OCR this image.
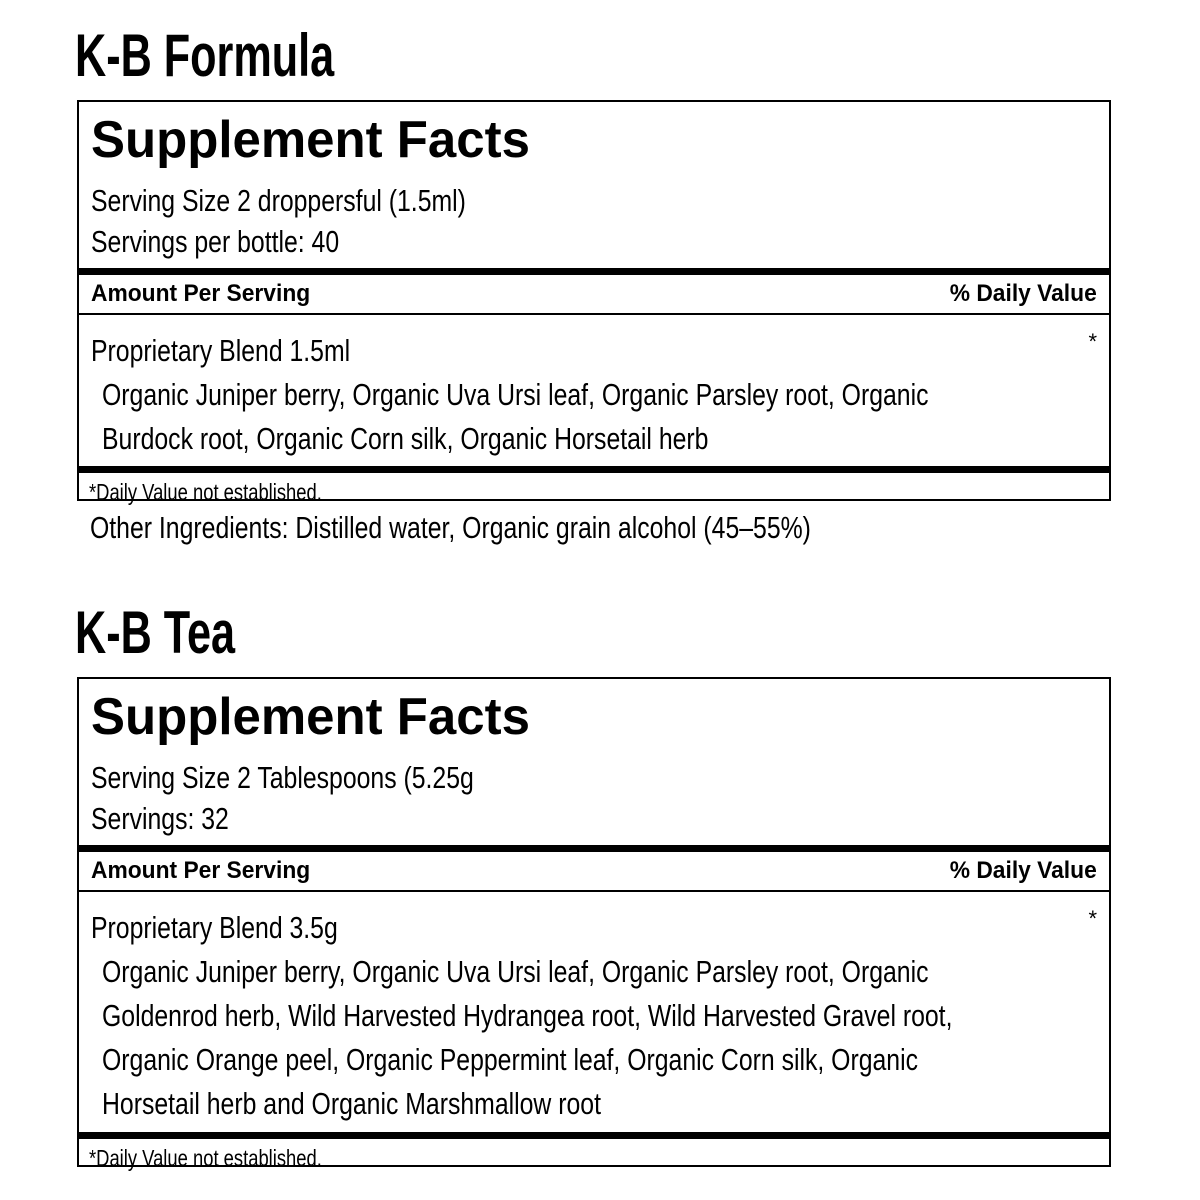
K-B Formula
Supplement Facts
Serving Size 2 droppersful (1.5ml)
Servings per bottle: 40
Amount Per Serving	% Daily Value
Proprietary Blend 1.5ml	*
Organic Juniper berry, Organic Uva Ursi leaf, Organic Parsley root, Organic
Burdock root, Organic Corn silk, Organic Horsetail herb
*Daily Value not established.
Other Ingredients: Distilled water, Organic grain alcohol (45–55%)
K-B Tea
Supplement Facts
Serving Size 2 Tablespoons (5.25g
Servings: 32
Amount Per Serving	% Daily Value
Proprietary Blend 3.5g	*
Organic Juniper berry, Organic Uva Ursi leaf, Organic Parsley root, Organic
Goldenrod herb, Wild Harvested Hydrangea root, Wild Harvested Gravel root,
Organic Orange peel, Organic Peppermint leaf, Organic Corn silk, Organic
Horsetail herb and Organic Marshmallow root
*Daily Value not established.
